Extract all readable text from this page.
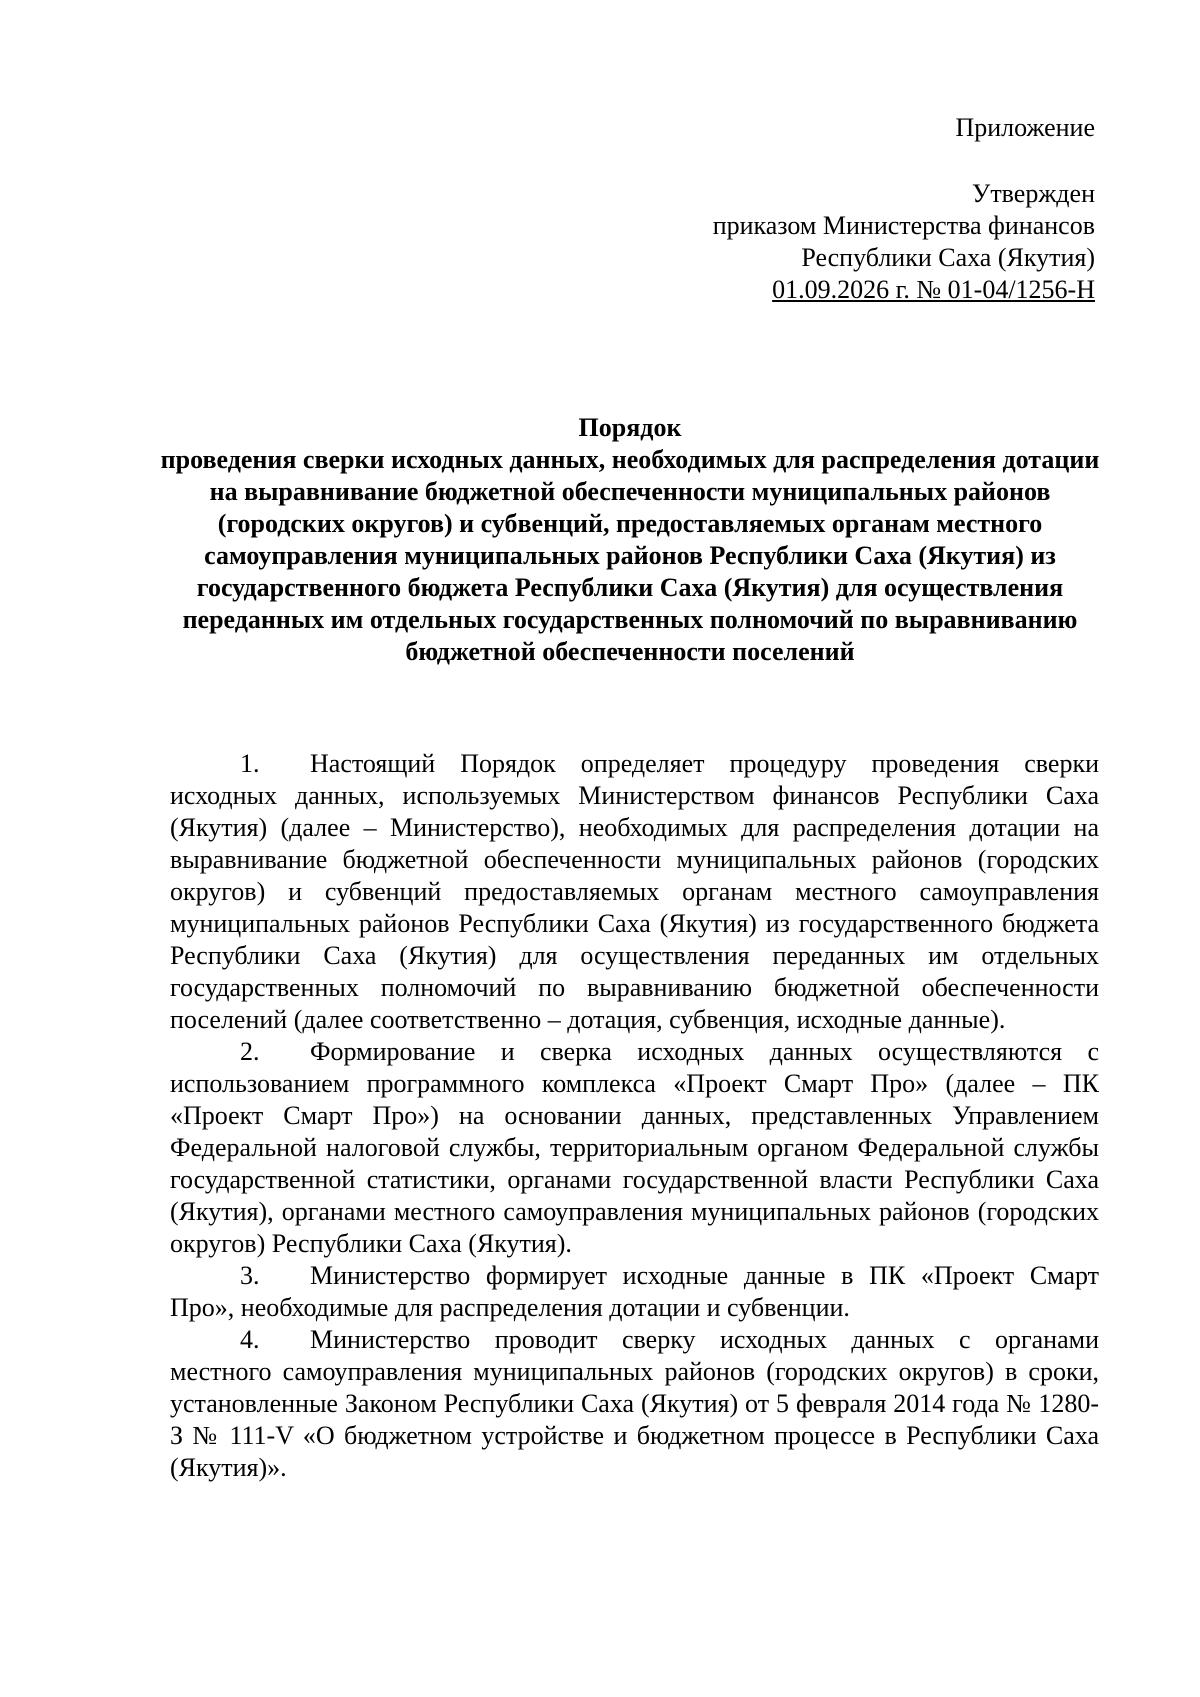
Приложение
Утвержден
приказом Министерства финансов
Республики Саха (Якутия)
01.09.2026 г. № 01-04/1256-Н
Порядок
проведения сверки исходных данных, необходимых для распределения дотации на выравнивание бюджетной обеспеченности муниципальных районов (городских округов) и субвенций, предоставляемых органам местного самоуправления муниципальных районов Республики Саха (Якутия) из государственного бюджета Республики Саха (Якутия) для осуществления переданных им отдельных государственных полномочий по выравниванию бюджетной обеспеченности поселений

1. Настоящий Порядок определяет процедуру проведения сверки исходных данных, используемых Министерством финансов Республики Саха (Якутия) (далее – Министерство), необходимых для распределения дотации на выравнивание бюджетной обеспеченности муниципальных районов (городских округов) и субвенций предоставляемых органам местного самоуправления муниципальных районов Республики Саха (Якутия) из государственного бюджета Республики Саха (Якутия) для осуществления переданных им отдельных государственных полномочий по выравниванию бюджетной обеспеченности поселений (далее соответственно – дотация, субвенция, исходные данные).

2. Формирование и сверка исходных данных осуществляются с использованием программного комплекса «Проект Смарт Про» (далее – ПК «Проект Смарт Про») на основании данных, представленных Управлением Федеральной налоговой службы, территориальным органом Федеральной службы государственной статистики, органами государственной власти Республики Саха (Якутия), органами местного самоуправления муниципальных районов (городских округов) Республики Саха (Якутия).

3. Министерство формирует исходные данные в ПК «Проект Смарт Про», необходимые для распределения дотации и субвенции.

4. Министерство проводит сверку исходных данных с органами местного самоуправления муниципальных районов (городских округов) в сроки, установленные Законом Республики Саха (Якутия) от 5 февраля 2014 года № 1280-З № 111-V «О бюджетном устройстве и бюджетном процессе в Республики Саха (Якутия)».
